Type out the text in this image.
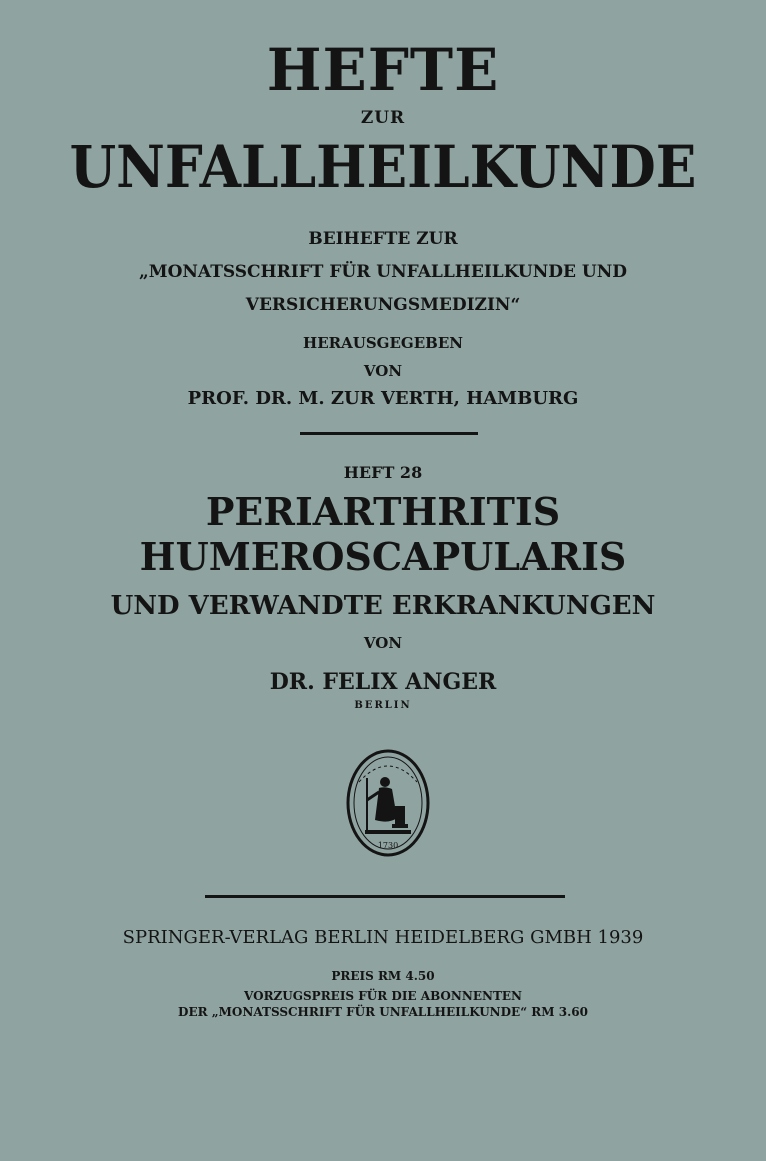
HEFTE

ZUR

UNFALLHEILKUNDE

BEIHEFTE ZUR

„MONATSSCHRIFT FÜR UNFALLHEILKUNDE UND

VERSICHERUNGSMEDIZIN“

HERAUSGEGEBEN

VON

PROF. DR. M. ZUR VERTH, HAMBURG

HEFT 28

PERIARTHRITIS

HUMEROSCAPULARIS

UND VERWANDTE ERKRANKUNGEN

VON

DR. FELIX ANGER

BERLIN

1730

SPRINGER-VERLAG BERLIN HEIDELBERG GMBH 1939

PREIS RM 4.50

VORZUGSPREIS FÜR DIE ABONNENTEN

DER „MONATSSCHRIFT FÜR UNFALLHEILKUNDE“ RM 3.60
